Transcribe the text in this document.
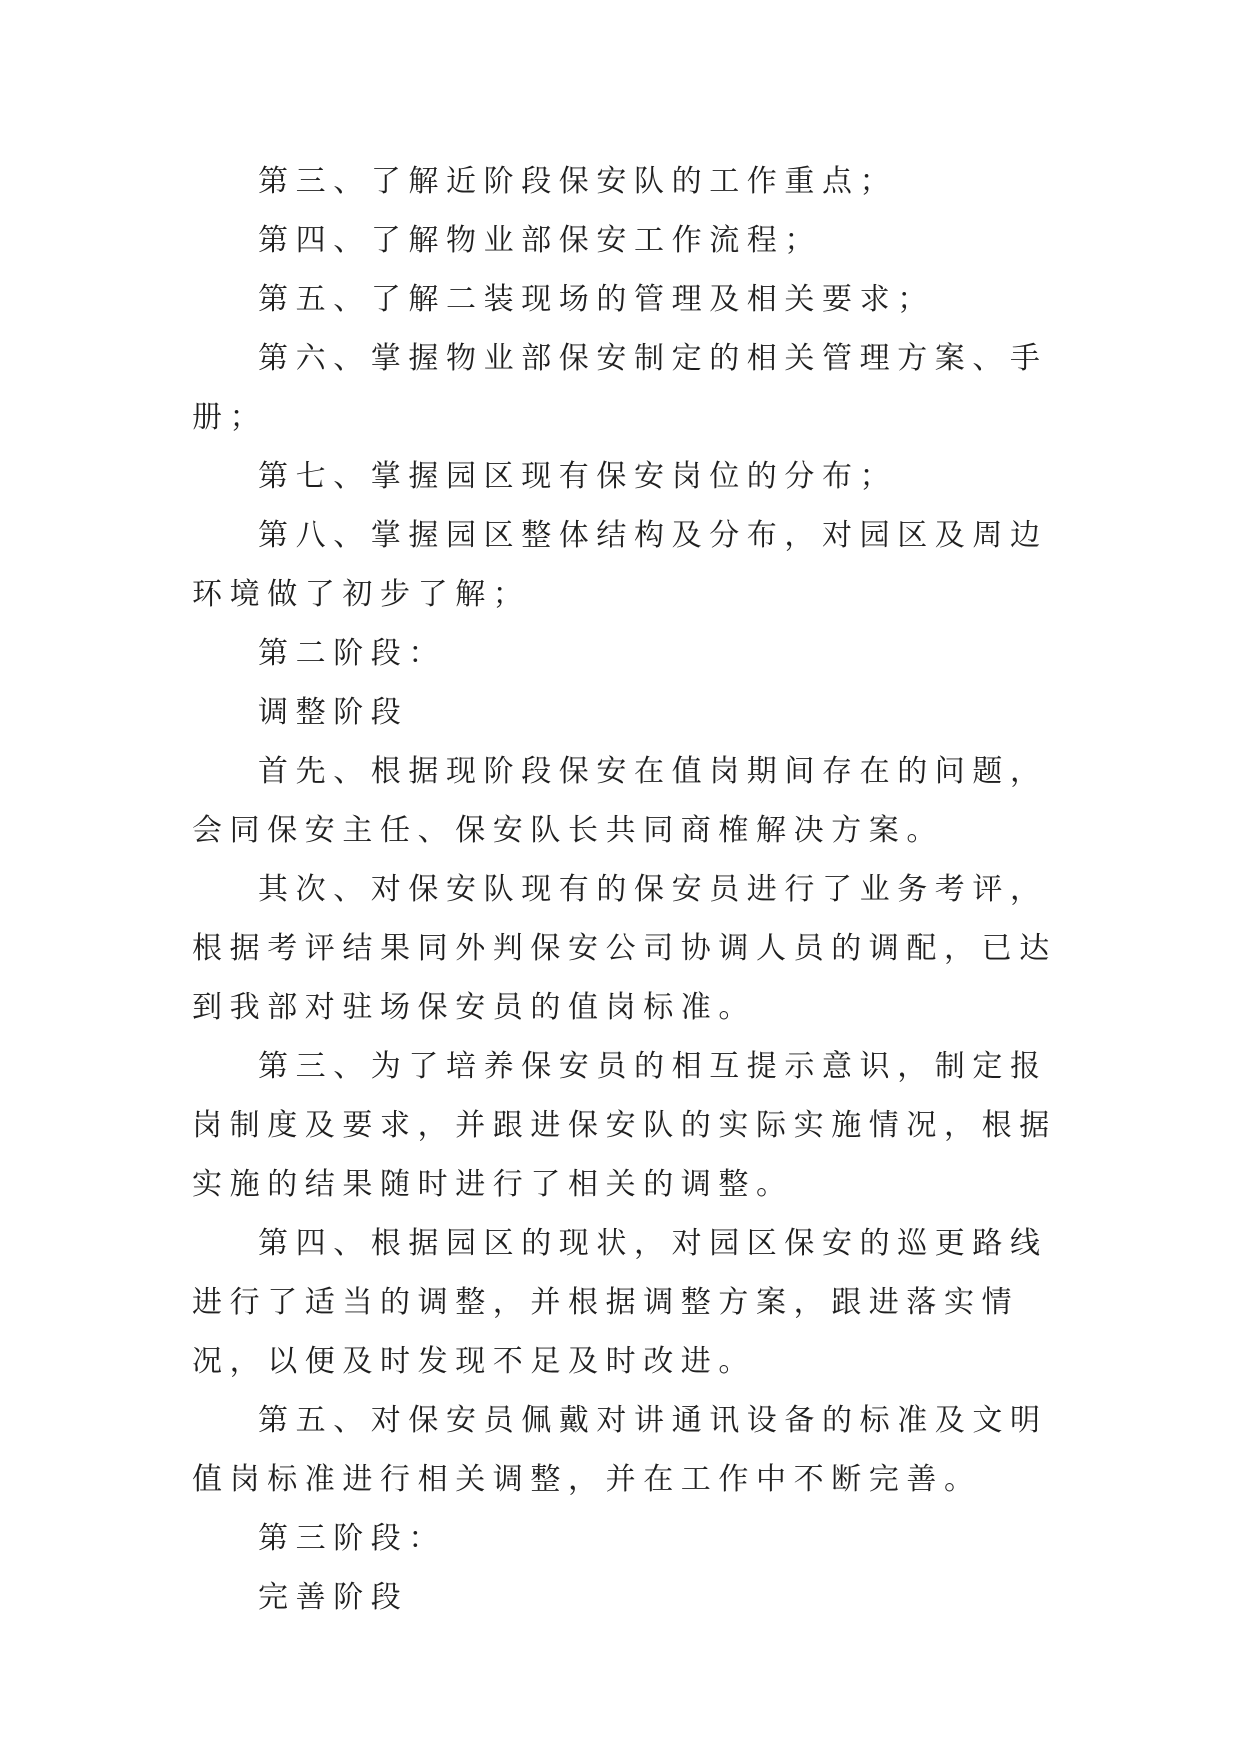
第三、了解近阶段保安队的工作重点；

第四、了解物业部保安工作流程；

第五、了解二装现场的管理及相关要求；

第六、掌握物业部保安制定的相关管理方案、手册；

第七、掌握园区现有保安岗位的分布；

第八、掌握园区整体结构及分布，对园区及周边环境做了初步了解；

第二阶段：

调整阶段

首先、根据现阶段保安在值岗期间存在的问题，会同保安主任、保安队长共同商榷解决方案。

其次、对保安队现有的保安员进行了业务考评，根据考评结果同外判保安公司协调人员的调配，已达到我部对驻场保安员的值岗标准。

第三、为了培养保安员的相互提示意识，制定报岗制度及要求，并跟进保安队的实际实施情况，根据实施的结果随时进行了相关的调整。

第四、根据园区的现状，对园区保安的巡更路线进行了适当的调整，并根据调整方案，跟进落实情况，以便及时发现不足及时改进。

第五、对保安员佩戴对讲通讯设备的标准及文明值岗标准进行相关调整，并在工作中不断完善。

第三阶段：

完善阶段
